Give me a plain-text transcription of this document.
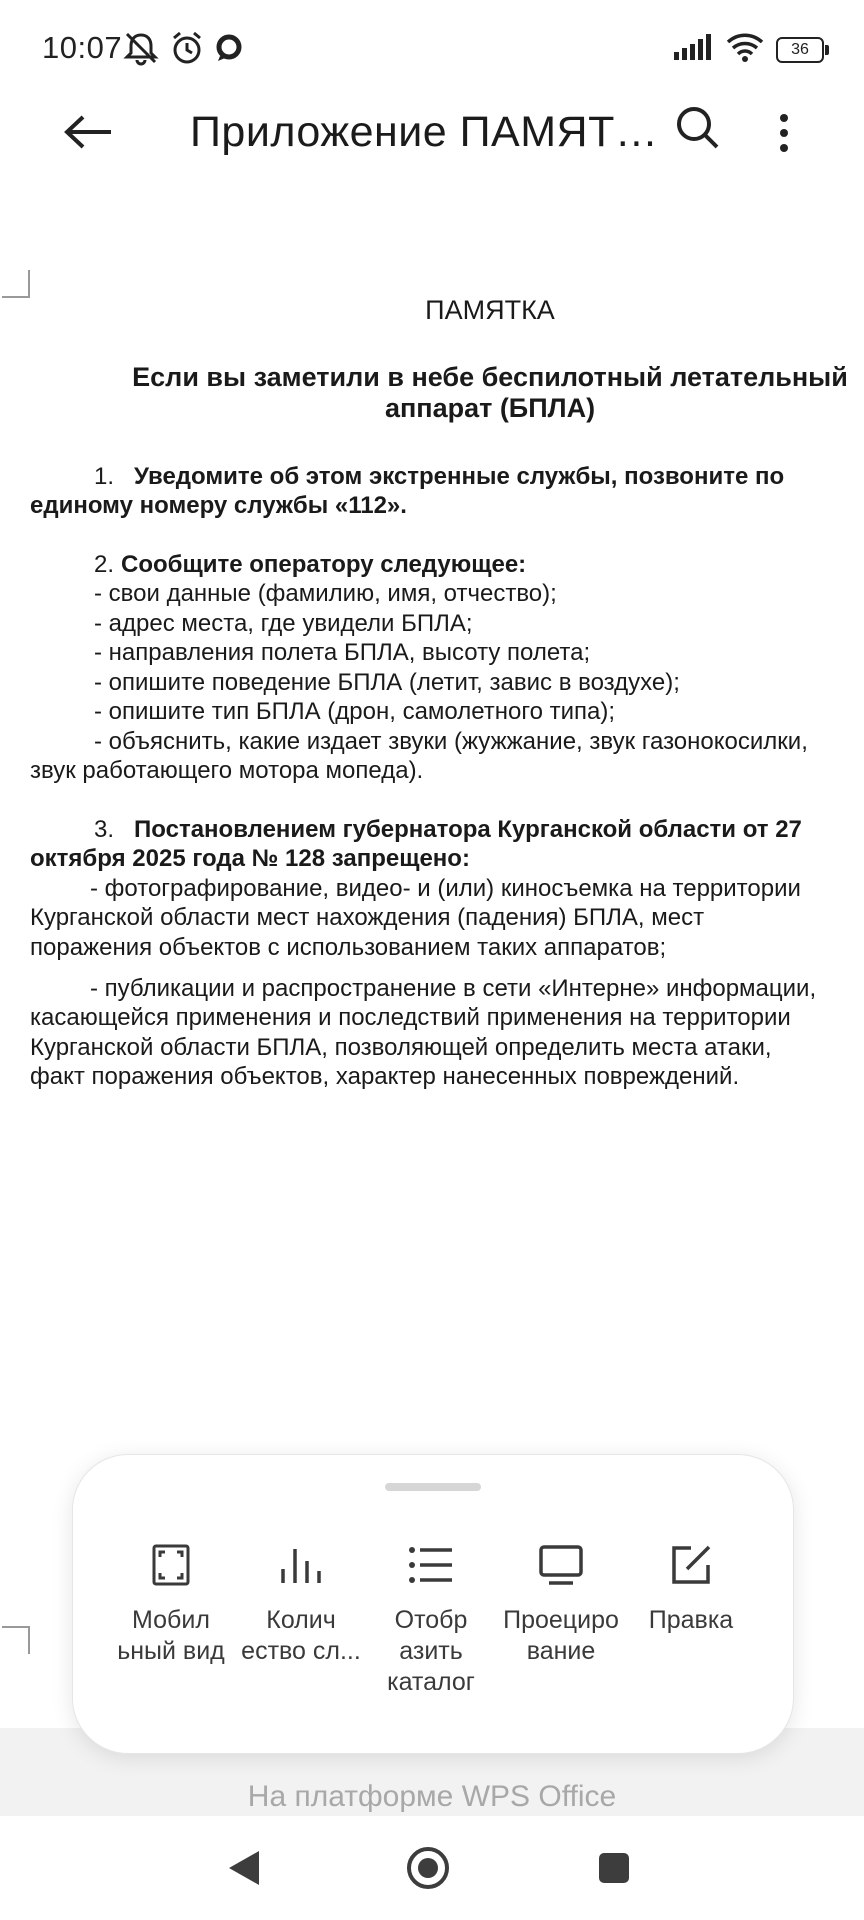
10:07	36
Приложение ПАМЯТ…

ПАМЯТКА

Если вы заметили в небе беспилотный летательный

аппарат (БПЛА)

1. Уведомите об этом экстренные службы, позвоните по

единому номеру службы «112».

2. Сообщите оператору следующее:

- свои данные (фамилию, имя, отчество);

- адрес места, где увидели БПЛА;

- направления полета БПЛА, высоту полета;

- опишите поведение БПЛА (летит, завис в воздухе);

- опишите тип БПЛА (дрон, самолетного типа);

- объяснить, какие издает звуки (жужжание, звук газонокосилки,

звук работающего мотора мопеда).

3. Постановлением губернатора Курганской области от 27

октября 2025 года № 128 запрещено:

- фотографирование, видео- и (или) киносъемка на территории

Курганской области мест нахождения (падения) БПЛА, мест

поражения объектов с использованием таких аппаратов;

- публикации и распространение в сети «Интерне» информации,

касающейся применения и последствий применения на территории

Курганской области БПЛА, позволяющей определить места атаки,

факт поражения объектов, характер нанесенных повреждений.

Мобил
ьный вид
Колич
ество сл...
Отобр
азить
каталог
Проециро
вание
Правка
На платформе WPS Office
